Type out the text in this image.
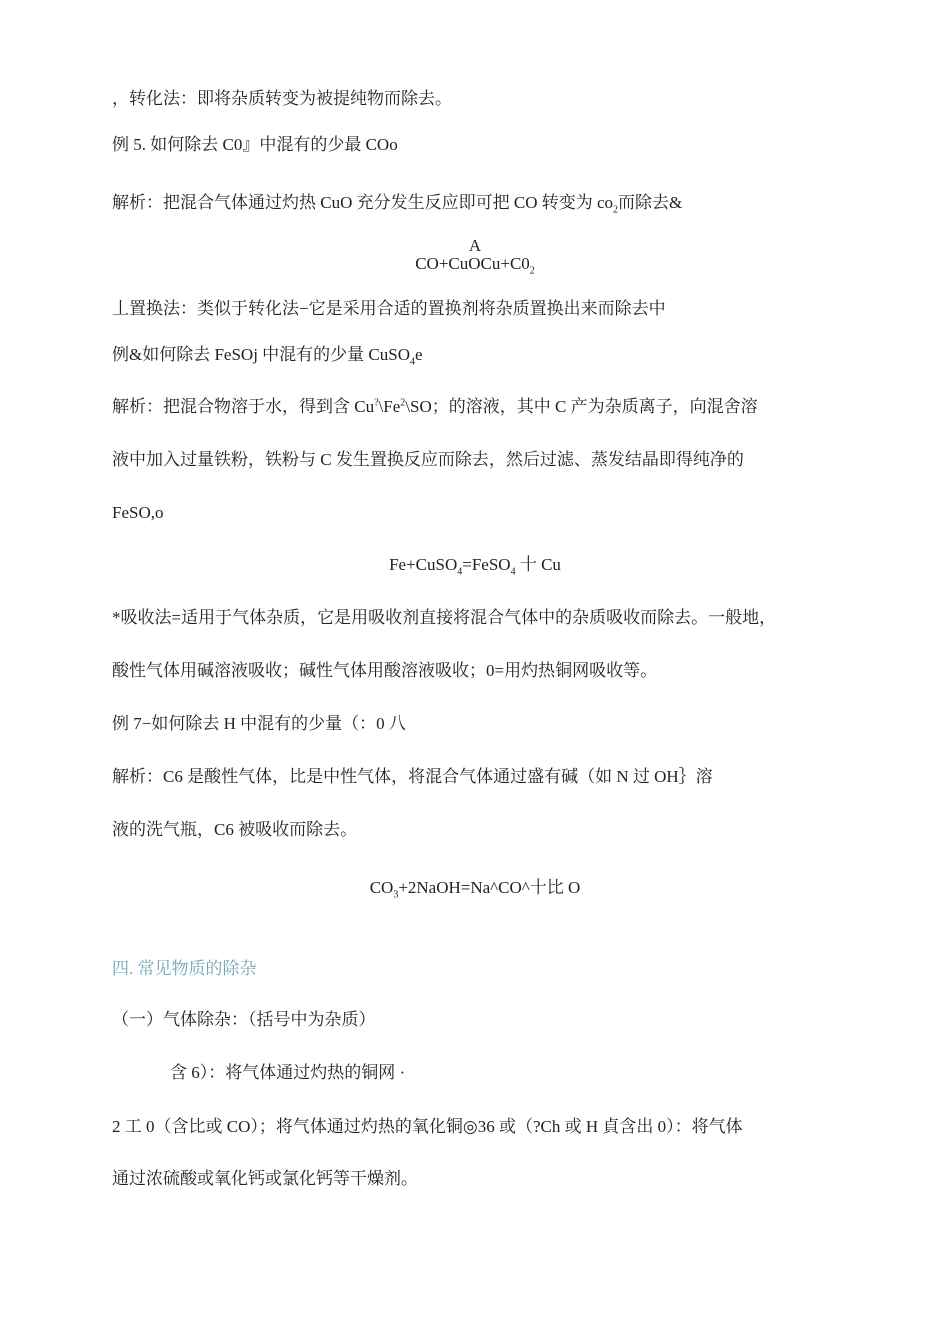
，转化法：即将杂质转变为被提纯物而除去。
例 5. 如何除去 C0』中混有的少最 COo
解析：把混合气体通过灼热 CuO 充分发生反应即可把 CO 转变为 $co_2$而除去&
A
$CO+CuOCu+C0_2$
丄置换法：类似于转化法−它是采用合适的置换剂将杂质置换出来而除去中
例&如何除去 FeSOj 中混有的少量 CuSO$_4$e
解析：把混合物溶于水，得到含 Cu?\Fe$^2$\SO；的溶液，其中 C 产为杂质离子，向混舍溶
液中加入过量铁粉，铁粉与 C 发生置换反应而除去，然后过滤、蒸发结晶即得纯净的
FeSO,o
Fe+CuSO$_4$=FeSO$_4$ 十 Cu
*吸收法=适用于气体杂质，它是用吸收剂直接将混合气体中的杂质吸收而除去。一般地，
酸性气体用碱溶液吸收；碱性气体用酸溶液吸收；0=用灼热铜网吸收等。
例 7−如何除去 H 中混有的少量（：0 八
解析：C6 是酸性气体，比是中性气体，将混合气体通过盛有碱（如 N 过 OH｝溶
液的洗气瓶，C6 被吸收而除去。
$CO_3+2NaOH=Na\^{}CO\^{}$十比 O
四. 常见物质的除杂
（一）气体除杂：（括号中为杂质）
含 6）：将气体通过灼热的铜网 ·
2 工 0（含比或 CO）；将气体通过灼热的氧化铜◎36 或（?Ch 或 H 貞含出 0）：将气体
通过浓硫酸或氧化钙或氯化钙等干燥剂。
